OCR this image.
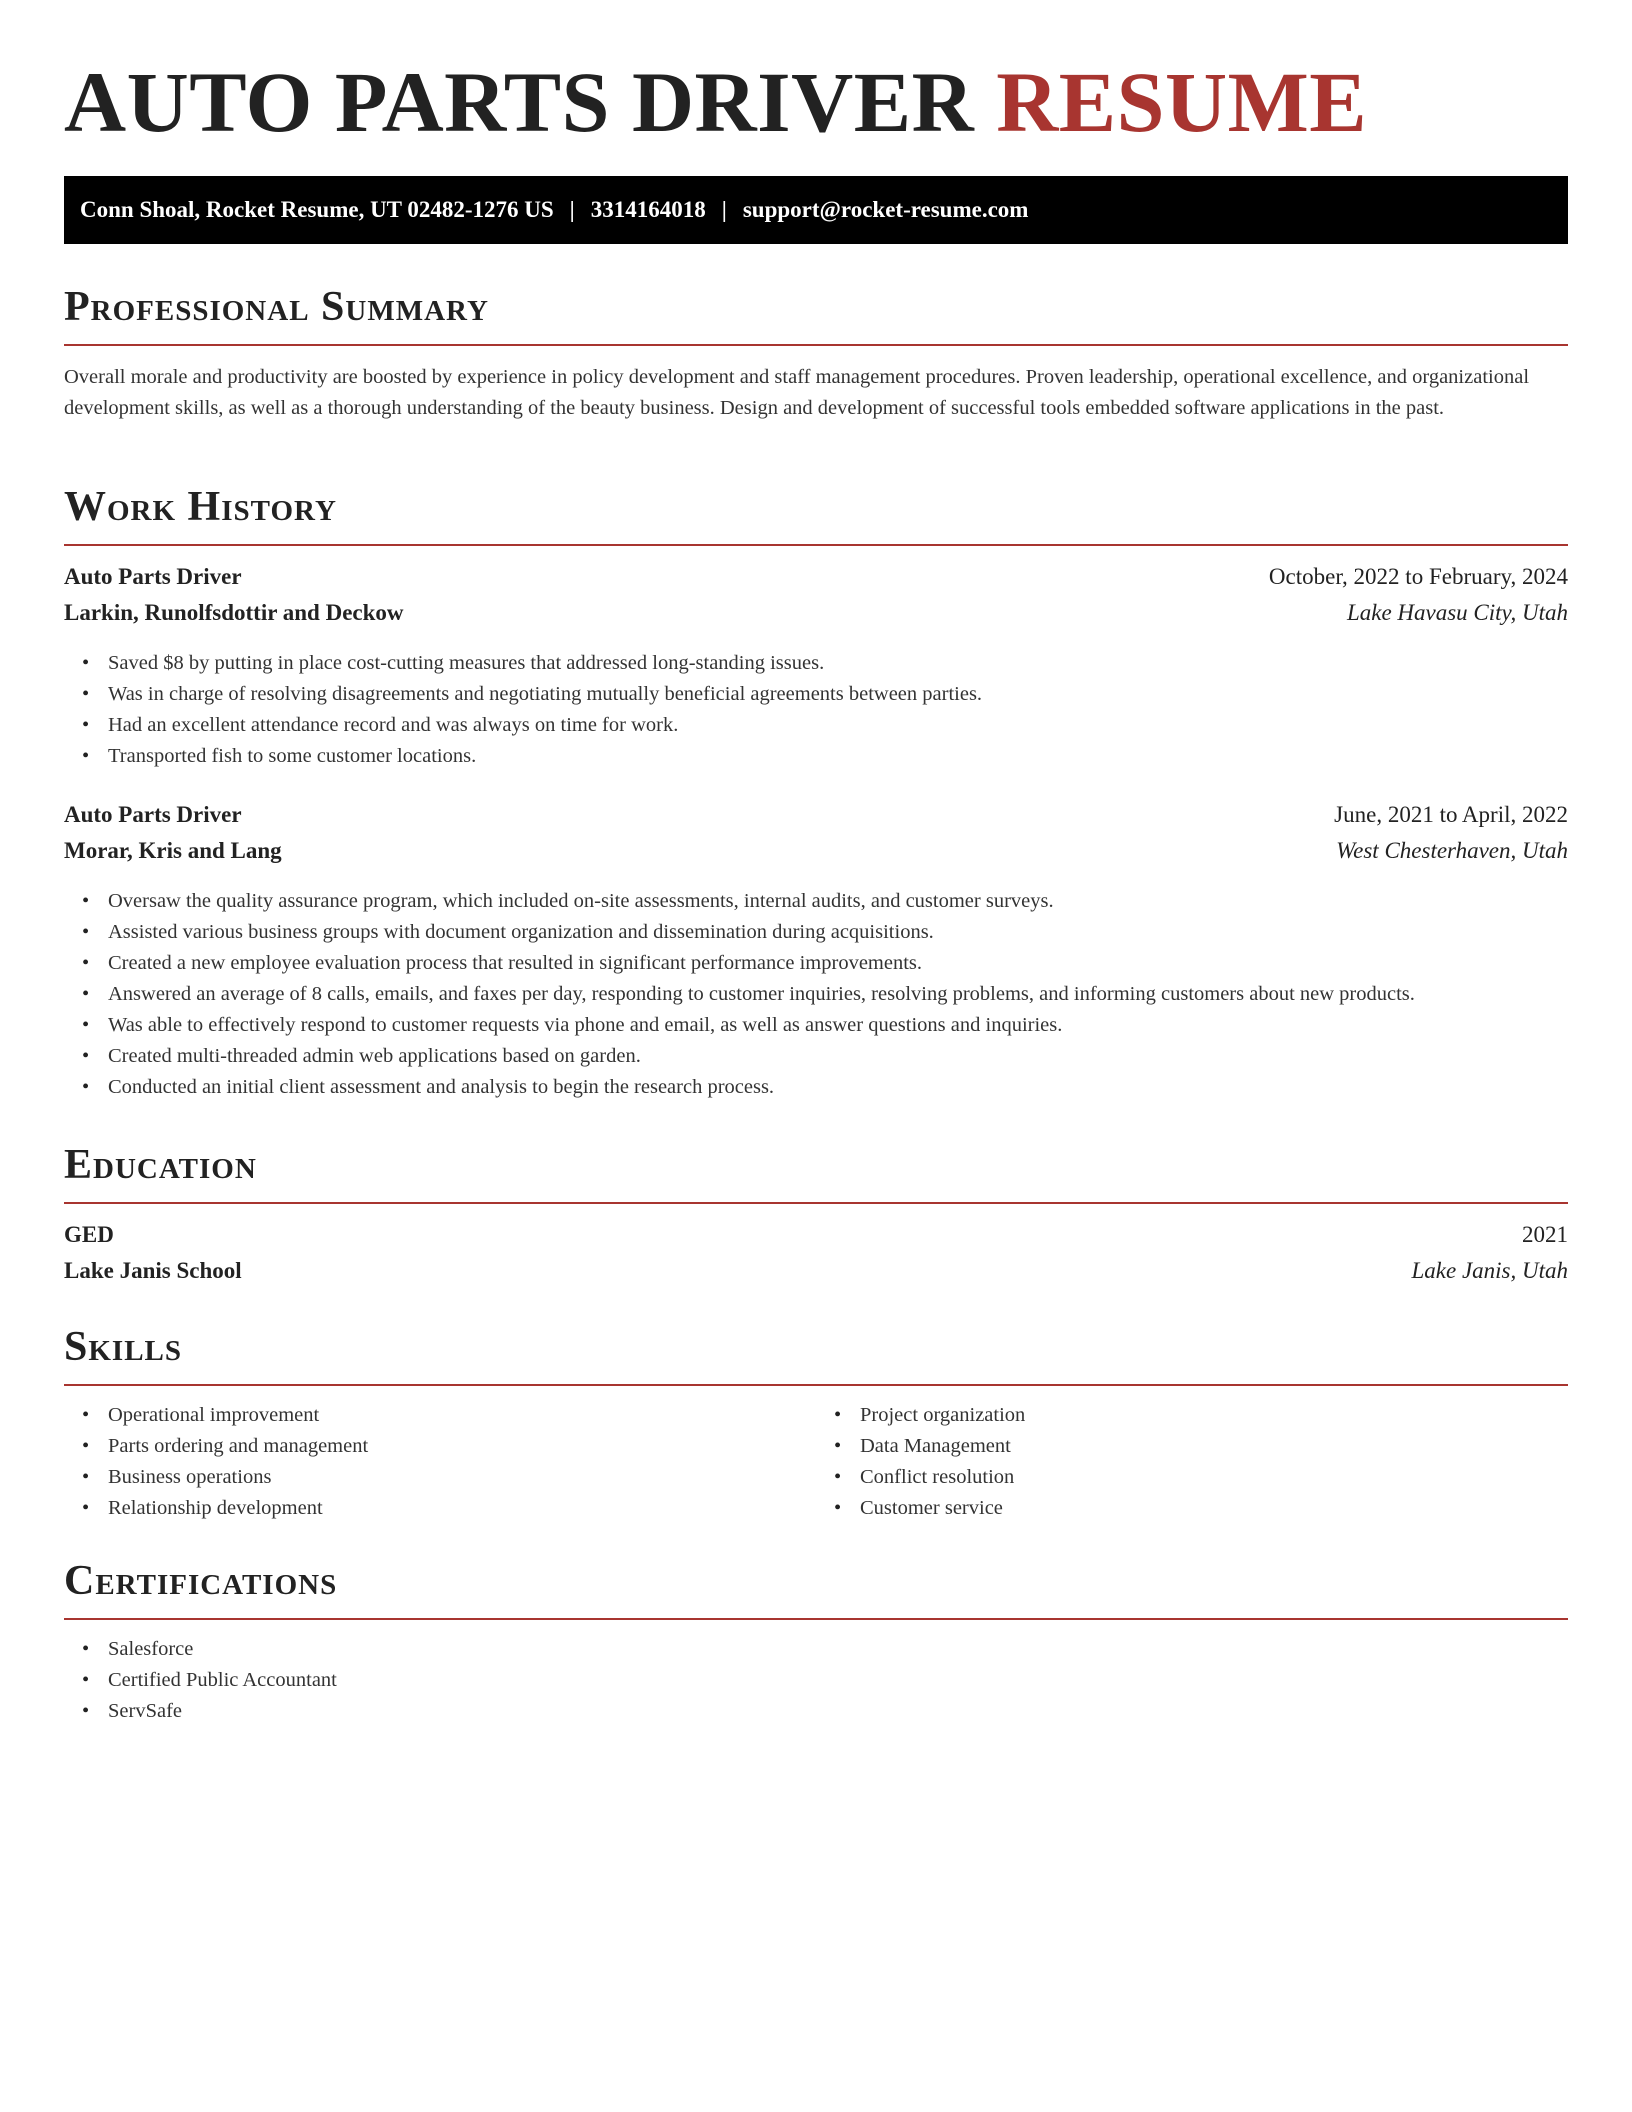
AUTO PARTS DRIVER RESUME
Conn Shoal, Rocket Resume, UT 02482-1276 US | 3314164018 | support@rocket-resume.com
Professional Summary

Overall morale and productivity are boosted by experience in policy development and staff management procedures. Proven leadership, operational excellence, and organizational development skills, as well as a thorough understanding of the beauty business. Design and development of successful tools embedded software applications in the past.

Work History
Auto Parts Driver	October, 2022 to February, 2024
Larkin, Runolfsdottir and Deckow	Lake Havasu City, Utah
• Saved $8 by putting in place cost-cutting measures that addressed long-standing issues.
• Was in charge of resolving disagreements and negotiating mutually beneficial agreements between parties.
• Had an excellent attendance record and was always on time for work.
• Transported fish to some customer locations.
Auto Parts Driver	June, 2021 to April, 2022
Morar, Kris and Lang	West Chesterhaven, Utah
• Oversaw the quality assurance program, which included on-site assessments, internal audits, and customer surveys.
• Assisted various business groups with document organization and dissemination during acquisitions.
• Created a new employee evaluation process that resulted in significant performance improvements.
• Answered an average of 8 calls, emails, and faxes per day, responding to customer inquiries, resolving problems, and informing customers about new products.
• Was able to effectively respond to customer requests via phone and email, as well as answer questions and inquiries.
• Created multi-threaded admin web applications based on garden.
• Conducted an initial client assessment and analysis to begin the research process.
Education
GED	2021
Lake Janis School	Lake Janis, Utah
Skills
• Operational improvement
• Parts ordering and management
• Business operations
• Relationship development
• Project organization
• Data Management
• Conflict resolution
• Customer service
Certifications
• Salesforce
• Certified Public Accountant
• ServSafe
